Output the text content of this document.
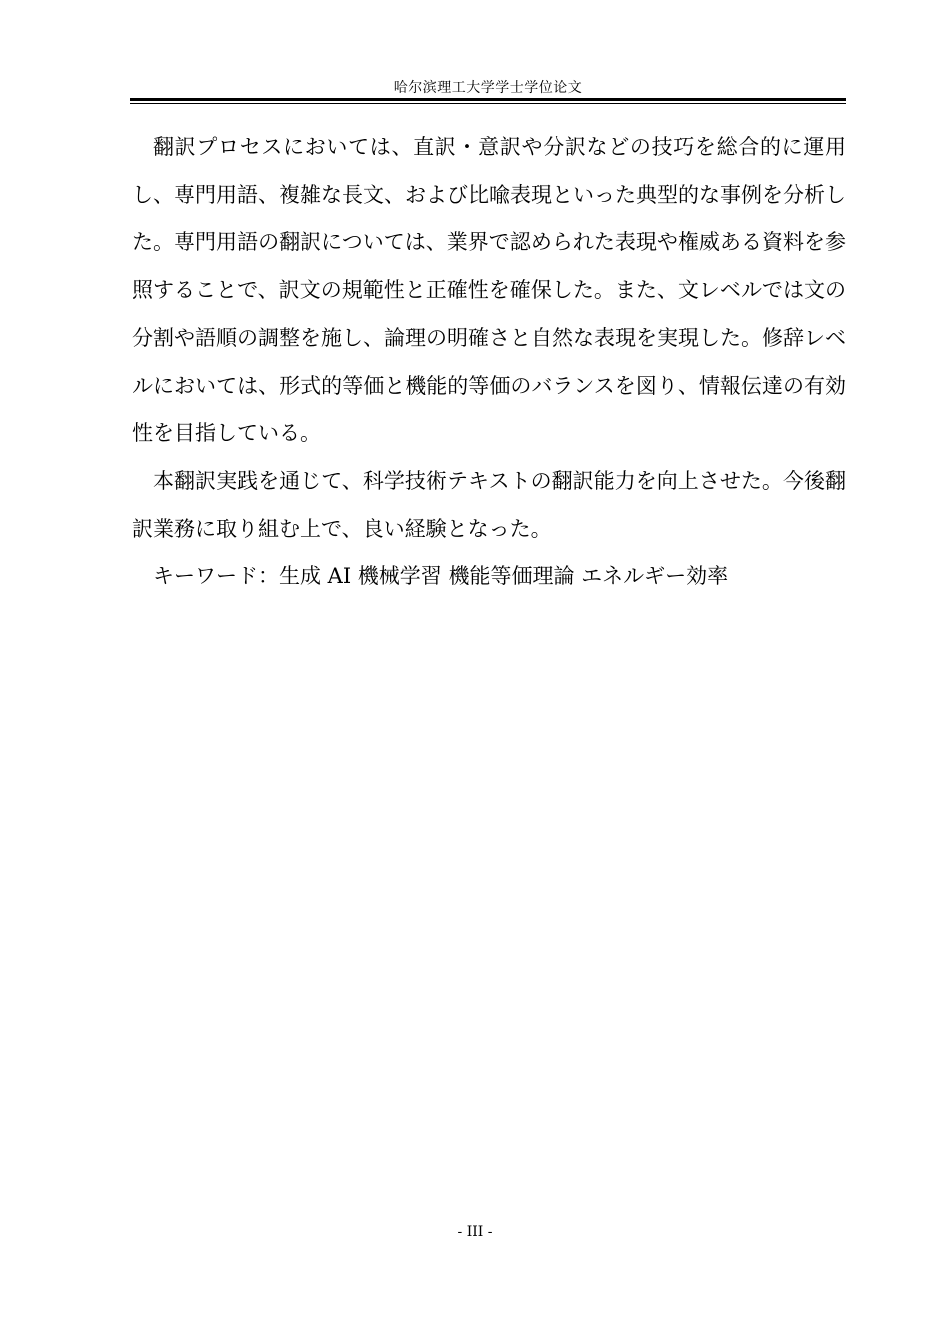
哈尔滨理工大学学士学位论文

翻訳プロセスにおいては、直訳・意訳や分訳などの技巧を総合的に運用し、専門用語、複雑な長文、および比喩表現といった典型的な事例を分析した。専門用語の翻訳については、業界で認められた表現や権威ある資料を参照することで、訳文の規範性と正確性を確保した。また、文レベルでは文の分割や語順の調整を施し、論理の明確さと自然な表現を実現した。修辞レベルにおいては、形式的等価と機能的等価のバランスを図り、情報伝達の有効性を目指している。

本翻訳実践を通じて、科学技術テキストの翻訳能力を向上させた。今後翻訳業務に取り組む上で、良い経験となった。

キーワード：生成 AI 機械学習 機能等価理論 エネルギー効率

- III -
